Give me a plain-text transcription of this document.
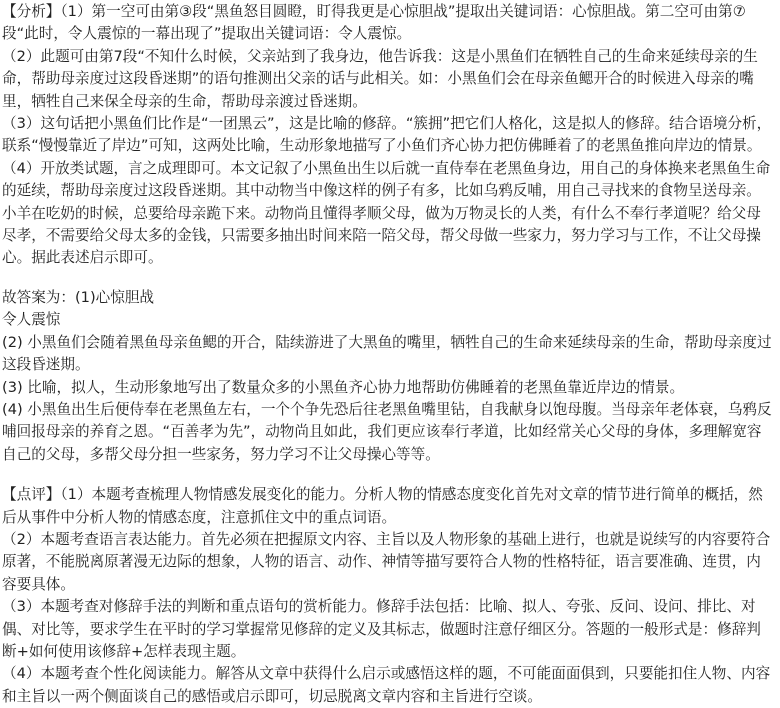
【分析】（1）第一空可由第③段“黑鱼怒目圆瞪，盯得我更是心惊胆战”提取出关键词语：心惊胆战。第二空可由第⑦段“此时，令人震惊的一幕出现了”提取出关键词语：令人震惊。

（2）此题可由第7段“不知什么时候，父亲站到了我身边，他告诉我：这是小黑鱼们在牺牲自己的生命来延续母亲的生命，帮助母亲度过这段昏迷期”的语句推测出父亲的话与此相关。如：小黑鱼们会在母亲鱼鳃开合的时候进入母亲的嘴里，牺牲自己来保全母亲的生命，帮助母亲渡过昏迷期。

（3）这句话把小黑鱼们比作是“一团黑云”，这是比喻的修辞。“簇拥”把它们人格化，这是拟人的修辞。结合语境分析，联系“慢慢靠近了岸边”可知，这两处比喻，生动形象地描写了小鱼们齐心协力把仿佛睡着了的老黑鱼推向岸边的情景。

（4）开放类试题，言之成理即可。本文记叙了小黑鱼出生以后就一直侍奉在老黑鱼身边，用自己的身体换来老黑鱼生命的延续，帮助母亲度过这段昏迷期。其中动物当中像这样的例子有多，比如乌鸦反哺，用自己寻找来的食物呈送母亲。小羊在吃奶的时候，总要给母亲跪下来。动物尚且懂得孝顺父母，做为万物灵长的人类，有什么不奉行孝道呢？给父母尽孝，不需要给父母太多的金钱，只需要多抽出时间来陪一陪父母，帮父母做一些家力，努力学习与工作，不让父母操心。据此表述启示即可。

故答案为：(1)心惊胆战

令人震惊

(2) 小黑鱼们会随着黑鱼母亲鱼鳃的开合，陆续游进了大黑鱼的嘴里，牺牲自己的生命来延续母亲的生命，帮助母亲度过这段昏迷期。

(3) 比喻，拟人，生动形象地写出了数量众多的小黑鱼齐心协力地帮助仿佛睡着的老黑鱼靠近岸边的情景。

(4) 小黑鱼出生后便侍奉在老黑鱼左右，一个个争先恐后往老黑鱼嘴里钻，自我献身以饱母腹。当母亲年老体衰，乌鸦反哺回报母亲的养育之恩。“百善孝为先”，动物尚且如此，我们更应该奉行孝道，比如经常关心父母的身体，多理解宽容自己的父母，多帮父母分担一些家务，努力学习不让父母操心等等。

【点评】（1）本题考查梳理人物情感发展变化的能力。分析人物的情感态度变化首先对文章的情节进行简单的概括，然后从事件中分析人物的情感态度，注意抓住文中的重点词语。

（2）本题考查语言表达能力。首先必须在把握原文内容、主旨以及人物形象的基础上进行，也就是说续写的内容要符合原著，不能脱离原著漫无边际的想象，人物的语言、动作、神情等描写要符合人物的性格特征，语言要准确、连贯，内容要具体。

（3）本题考查对修辞手法的判断和重点语句的赏析能力。修辞手法包括：比喻、拟人、夸张、反问、设问、排比、对偶、对比等，要求学生在平时的学习掌握常见修辞的定义及其标志，做题时注意仔细区分。答题的一般形式是：修辞判断+如何使用该修辞+怎样表现主题。

（4）本题考查个性化阅读能力。解答从文章中获得什么启示或感悟这样的题，不可能面面俱到，只要能扣住人物、内容和主旨以一两个侧面谈自己的感悟或启示即可，切忌脱离文章内容和主旨进行空谈。
